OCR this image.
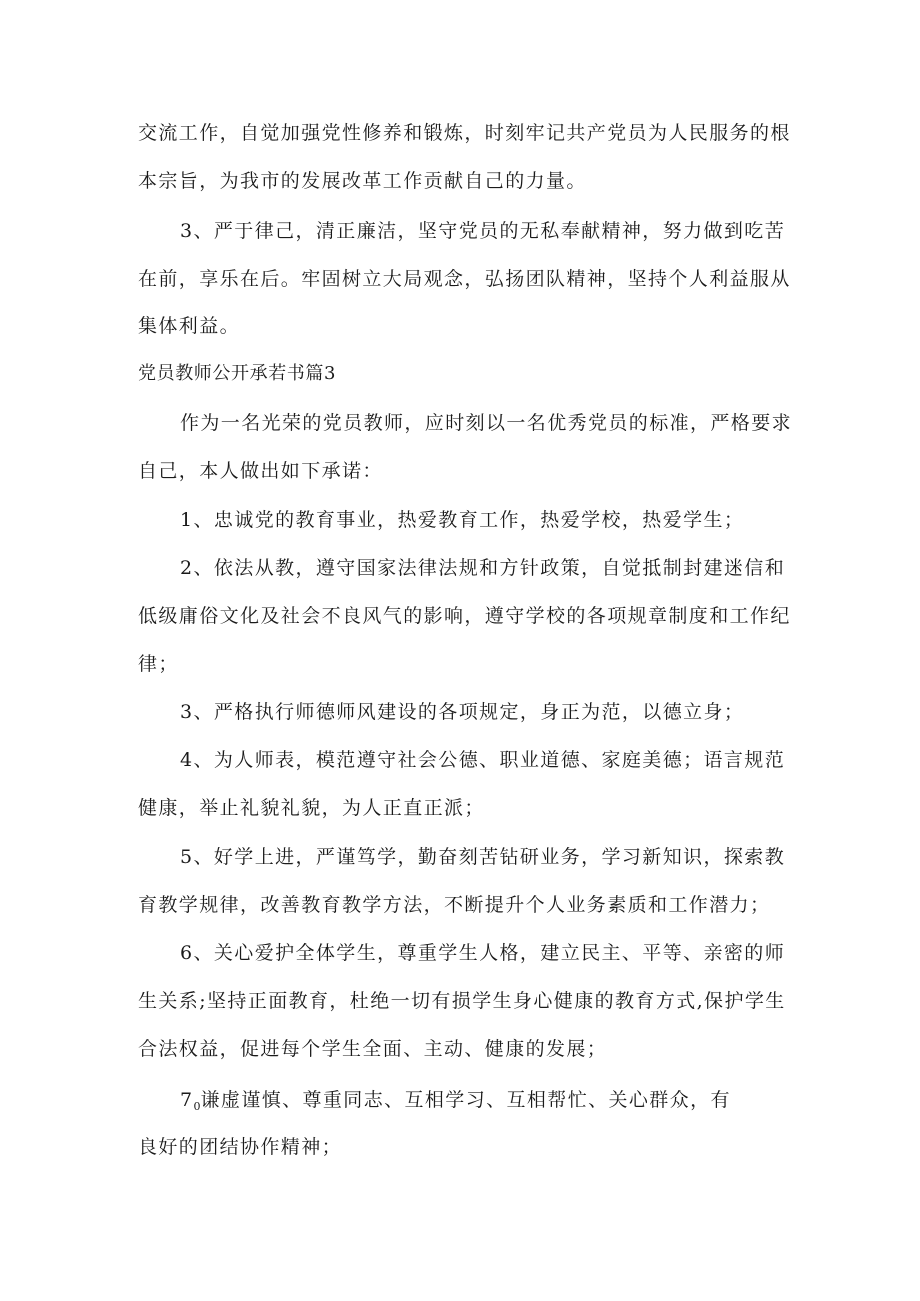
交流工作，自觉加强党性修养和锻炼，时刻牢记共产党员为人民服务的根
本宗旨，为我市的发展改革工作贡献自己的力量。
3、严于律己，清正廉洁，坚守党员的无私奉献精神，努力做到吃苦
在前，享乐在后。牢固树立大局观念，弘扬团队精神，坚持个人利益服从
集体利益。
党员教师公开承若书篇3
作为一名光荣的党员教师，应时刻以一名优秀党员的标准，严格要求
自己，本人做出如下承诺：
1、忠诚党的教育事业，热爱教育工作，热爱学校，热爱学生；
2、依法从教，遵守国家法律法规和方针政策，自觉抵制封建迷信和
低级庸俗文化及社会不良风气的影响，遵守学校的各项规章制度和工作纪
律；
3、严格执行师德师风建设的各项规定，身正为范，以德立身；
4、为人师表，模范遵守社会公德、职业道德、家庭美德；语言规范
健康，举止礼貌礼貌，为人正直正派；
5、好学上进，严谨笃学，勤奋刻苦钻研业务，学习新知识，探索教
育教学规律，改善教育教学方法，不断提升个人业务素质和工作潜力；
6、关心爱护全体学生，尊重学生人格，建立民主、平等、亲密的师
生关系;坚持正面教育，杜绝一切有损学生身心健康的教育方式,保护学生
合法权益，促进每个学生全面、主动、健康的发展；
$7_0$谦虚谨慎、尊重同志、互相学习、互相帮忙、关心群众，有
良好的团结协作精神；
